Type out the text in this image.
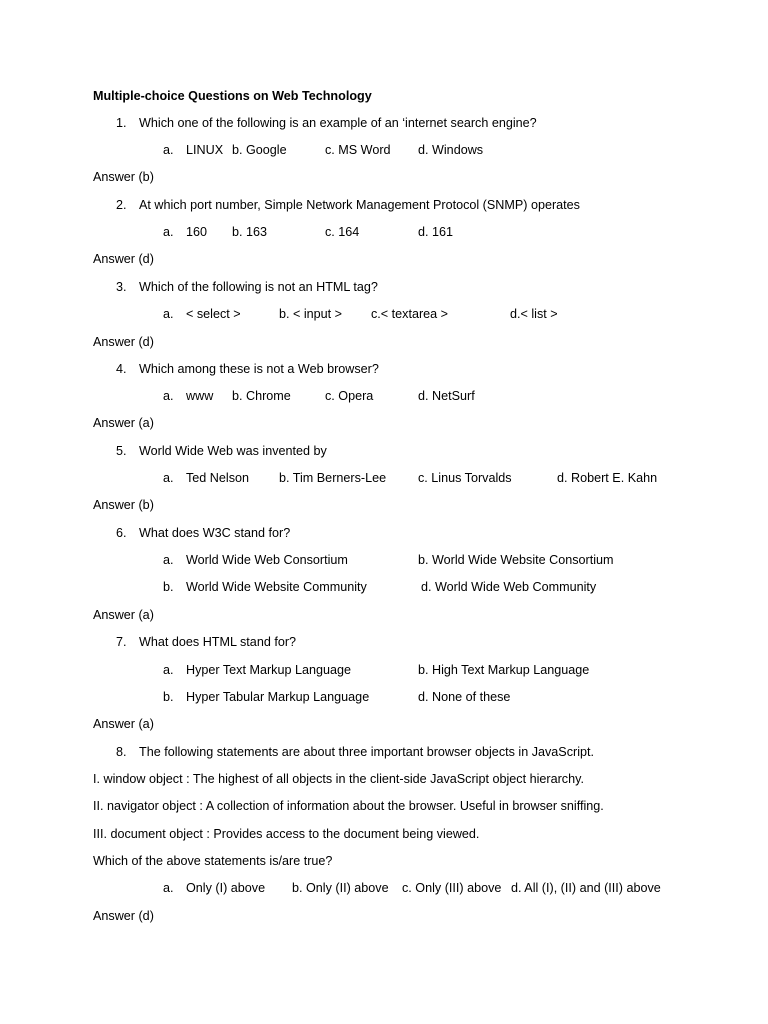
Multiple-choice Questions on Web Technology
1. Which one of the following is an example of an ‘internet search engine?
a. LINUX b. Google	c. MS Word d. Windows
Answer (b)
2. At which port number, Simple Network Management Protocol (SNMP) operates
a. 160 b. 163	c. 164	d. 161
Answer (d)
3. Which of the following is not an HTML tag?
a. < select >	b. < input > c.< textarea >	d.< list >
Answer (d)
4. Which among these is not a Web browser?
a. www b. Chrome	c. Opera	d. NetSurf
Answer (a)
5. World Wide Web was invented by
a. Ted Nelson b. Tim Berners-Lee	c. Linus Torvalds	d. Robert E. Kahn
Answer (b)
6. What does W3C stand for?
a. World Wide Web Consortium	b. World Wide Website Consortium
b. World Wide Website Community	d. World Wide Web Community
Answer (a)
7. What does HTML stand for?
a. Hyper Text Markup Language	b. High Text Markup Language
b. Hyper Tabular Markup Language	d. None of these
Answer (a)
8. The following statements are about three important browser objects in JavaScript.
I. window object : The highest of all objects in the client-side JavaScript object hierarchy.
II. navigator object : A collection of information about the browser. Useful in browser sniffing.
III. document object : Provides access to the document being viewed.
Which of the above statements is/are true?
a. Only (I) above b. Only (II) above c. Only (III) above d. All (I), (II) and (III) above
Answer (d)
